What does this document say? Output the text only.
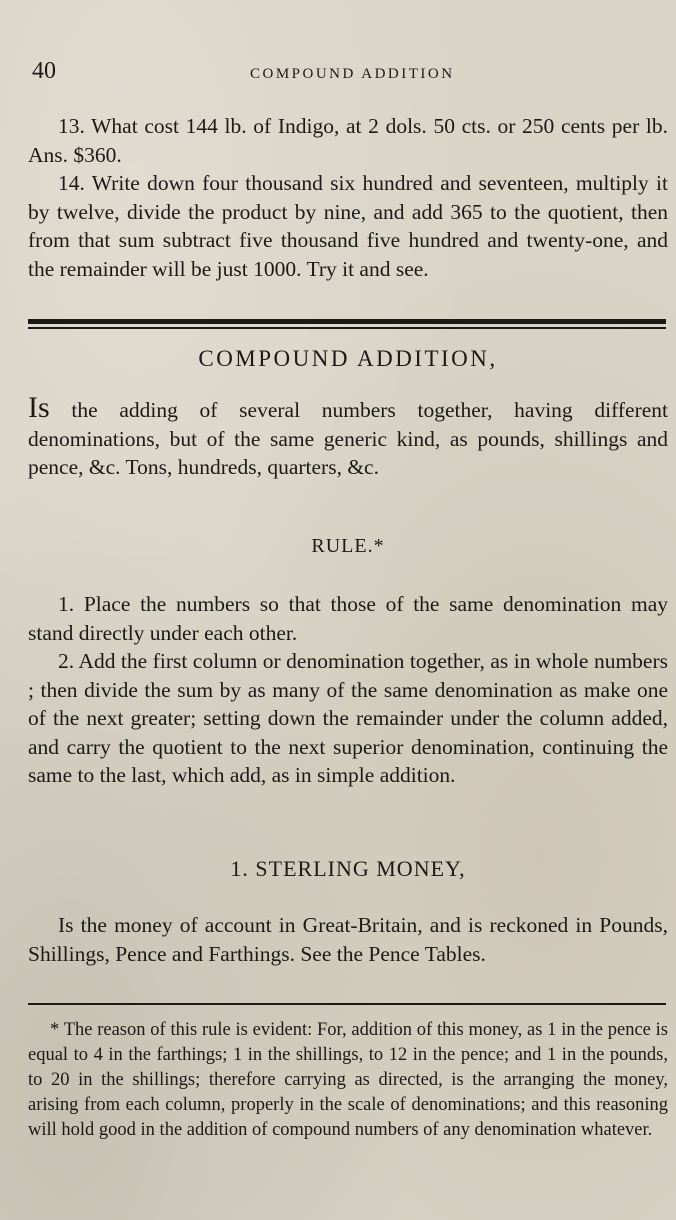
40	COMPOUND ADDITION

13. What cost 144 lb. of Indigo, at 2 dols. 50 cts. or 250 cents per lb. Ans. $360.

14. Write down four thousand six hundred and seventeen, multiply it by twelve, divide the product by nine, and add 365 to the quotient, then from that sum subtract five thousand five hundred and twenty-one, and the remainder will be just 1000. Try it and see.

COMPOUND ADDITION,
Is the adding of several numbers together, having different denominations, but of the same generic kind, as pounds, shillings and pence, &c. Tons, hundreds, quarters, &c.
RULE.*

1. Place the numbers so that those of the same denomination may stand directly under each other.

2. Add the first column or denomination together, as in whole numbers ; then divide the sum by as many of the same denomination as make one of the next greater; setting down the remainder under the column added, and carry the quotient to the next superior denomination, continuing the same to the last, which add, as in simple addition.

1. STERLING MONEY,

Is the money of account in Great-Britain, and is reckoned in Pounds, Shillings, Pence and Farthings. See the Pence Tables.

* The reason of this rule is evident: For, addition of this money, as 1 in the pence is equal to 4 in the farthings; 1 in the shillings, to 12 in the pence; and 1 in the pounds, to 20 in the shillings; therefore carrying as directed, is the arranging the money, arising from each column, properly in the scale of denominations; and this reasoning will hold good in the addition of compound numbers of any denomination whatever.
